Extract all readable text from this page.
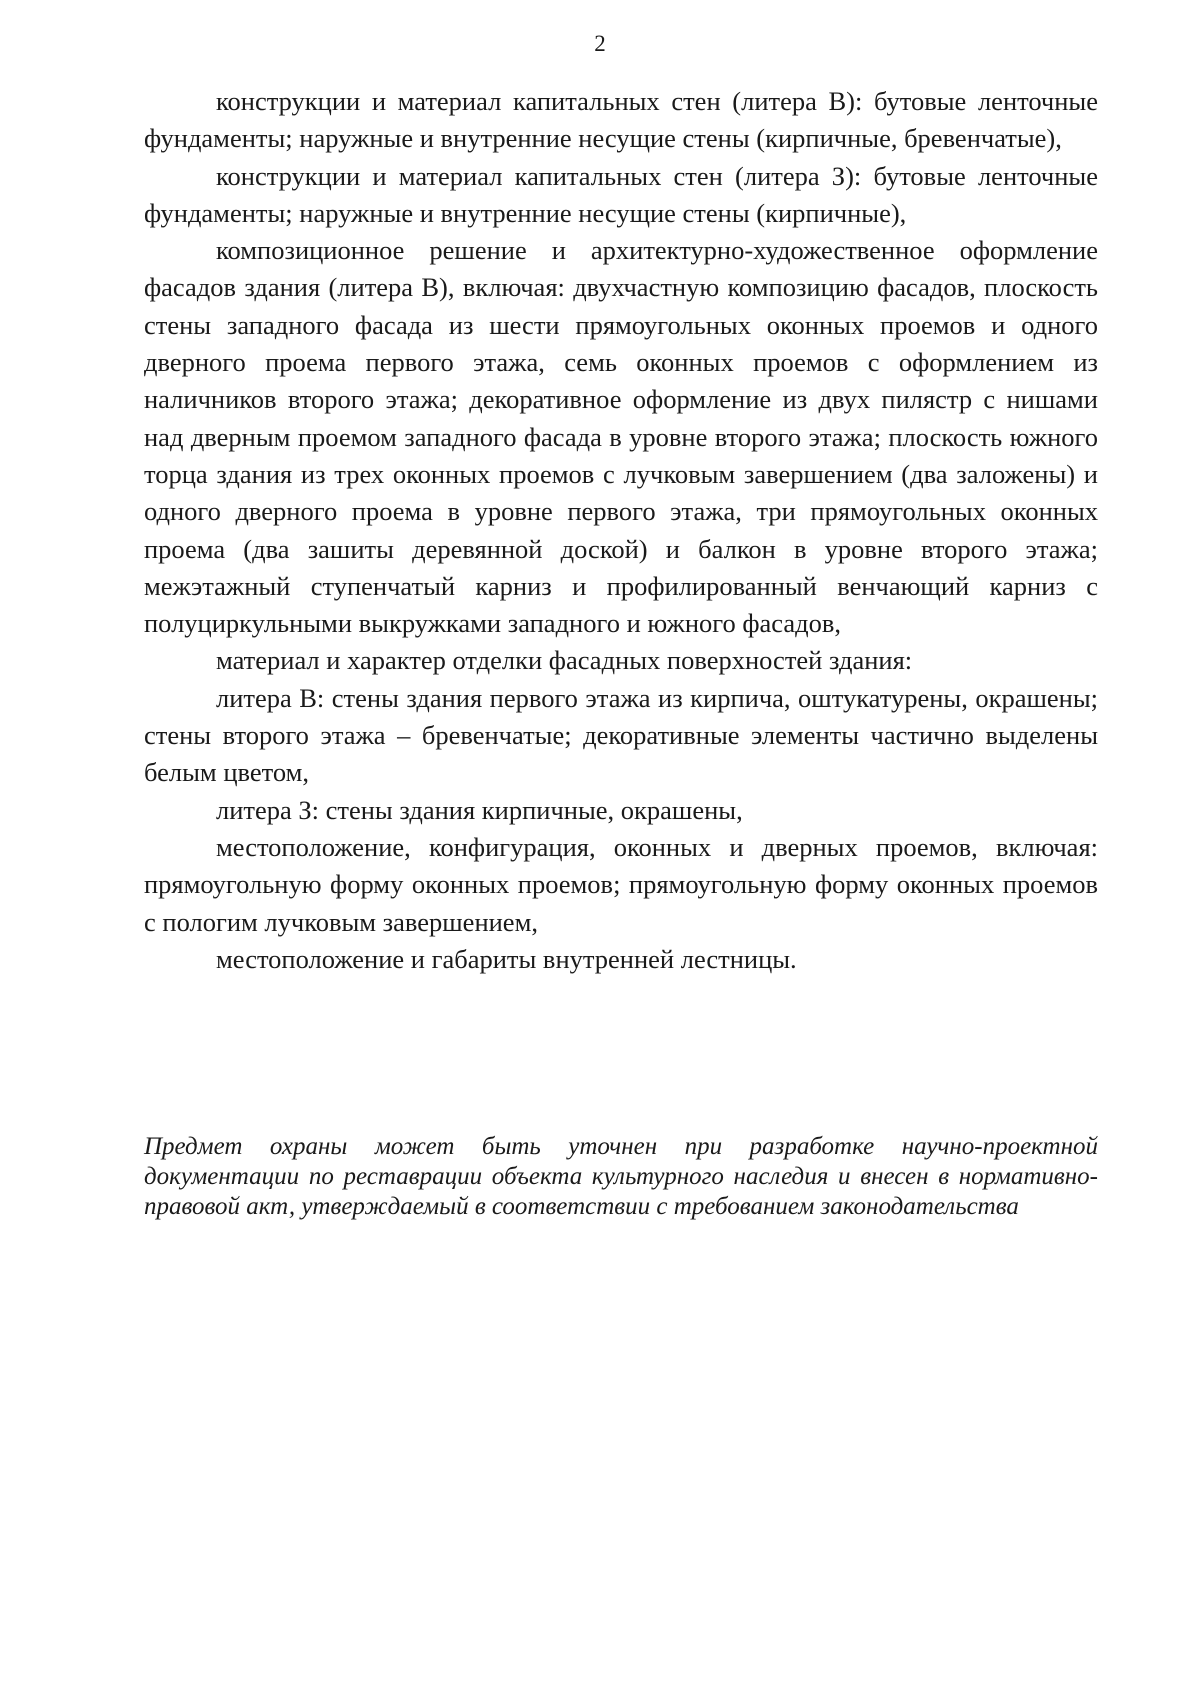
2

конструкции и материал капитальных стен (литера В): бутовые ленточные фундаменты; наружные и внутренние несущие стены (кирпичные, бревенчатые),

конструкции и материал капитальных стен (литера З): бутовые ленточные фундаменты; наружные и внутренние несущие стены (кирпичные),

композиционное решение и архитектурно-художественное оформление фасадов здания (литера В), включая: двухчастную композицию фасадов, плоскость стены западного фасада из шести прямоугольных оконных проемов и одного дверного проема первого этажа, семь оконных проемов с оформлением из наличников второго этажа; декоративное оформление из двух пилястр с нишами над дверным проемом западного фасада в уровне второго этажа; плоскость южного торца здания из трех оконных проемов с лучковым завершением (два заложены) и одного дверного проема в уровне первого этажа, три прямоугольных оконных проема (два зашиты деревянной доской) и балкон в уровне второго этажа; межэтажный ступенчатый карниз и профилированный венчающий карниз с полуциркульными выкружками западного и южного фасадов,

материал и характер отделки фасадных поверхностей здания:

литера В: стены здания первого этажа из кирпича, оштукатурены, окрашены; стены второго этажа – бревенчатые; декоративные элементы частично выделены белым цветом,

литера З: стены здания кирпичные, окрашены,

местоположение, конфигурация, оконных и дверных проемов, включая: прямоугольную форму оконных проемов; прямоугольную форму оконных проемов с пологим лучковым завершением,

местоположение и габариты внутренней лестницы.

Предмет охраны может быть уточнен при разработке научно-проектной документации по реставрации объекта культурного наследия и внесен в нормативно-правовой акт, утверждаемый в соответствии с требованием законодательства
